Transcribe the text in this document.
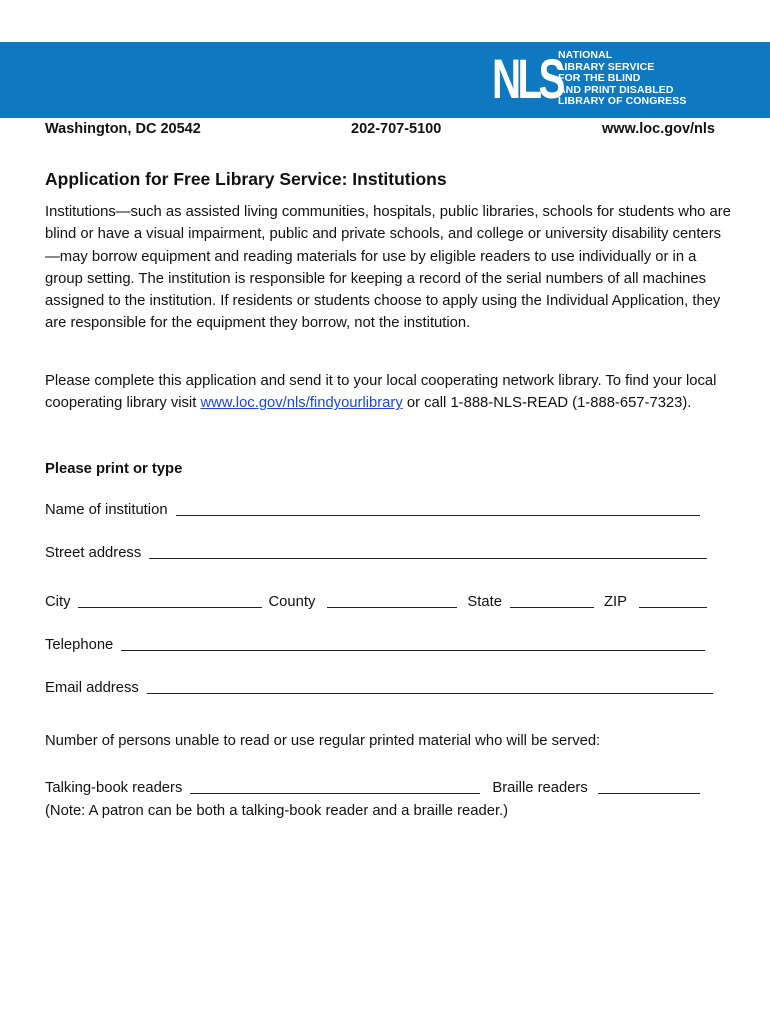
NLS
NATIONAL
LIBRARY SERVICE
FOR THE BLIND
AND PRINT DISABLED
LIBRARY OF CONGRESS
Washington, DC 20542	202-707-5100	www.loc.gov/nls
Application for Free Library Service: Institutions

Institutions—such as assisted living communities, hospitals, public libraries, schools for students who are blind or have a visual impairment, public and private schools, and college or university disability centers—may borrow equipment and reading materials for use by eligible readers to use individually or in a group setting. The institution is responsible for keeping a record of the serial numbers of all machines assigned to the institution. If residents or students choose to apply using the Individual Application, they are responsible for the equipment they borrow, not the institution.

Please complete this application and send it to your local cooperating network library. To find your local cooperating library visit www.loc.gov/nls/findyourlibrary or call 1-888-NLS-READ (1-888-657-7323).

Please print or type
Name of institution
Street address
City	County	State	ZIP
Telephone
Email address
Number of persons unable to read or use regular printed material who will be served:
Talking-book readers	Braille readers
(Note: A patron can be both a talking-book reader and a braille reader.)
